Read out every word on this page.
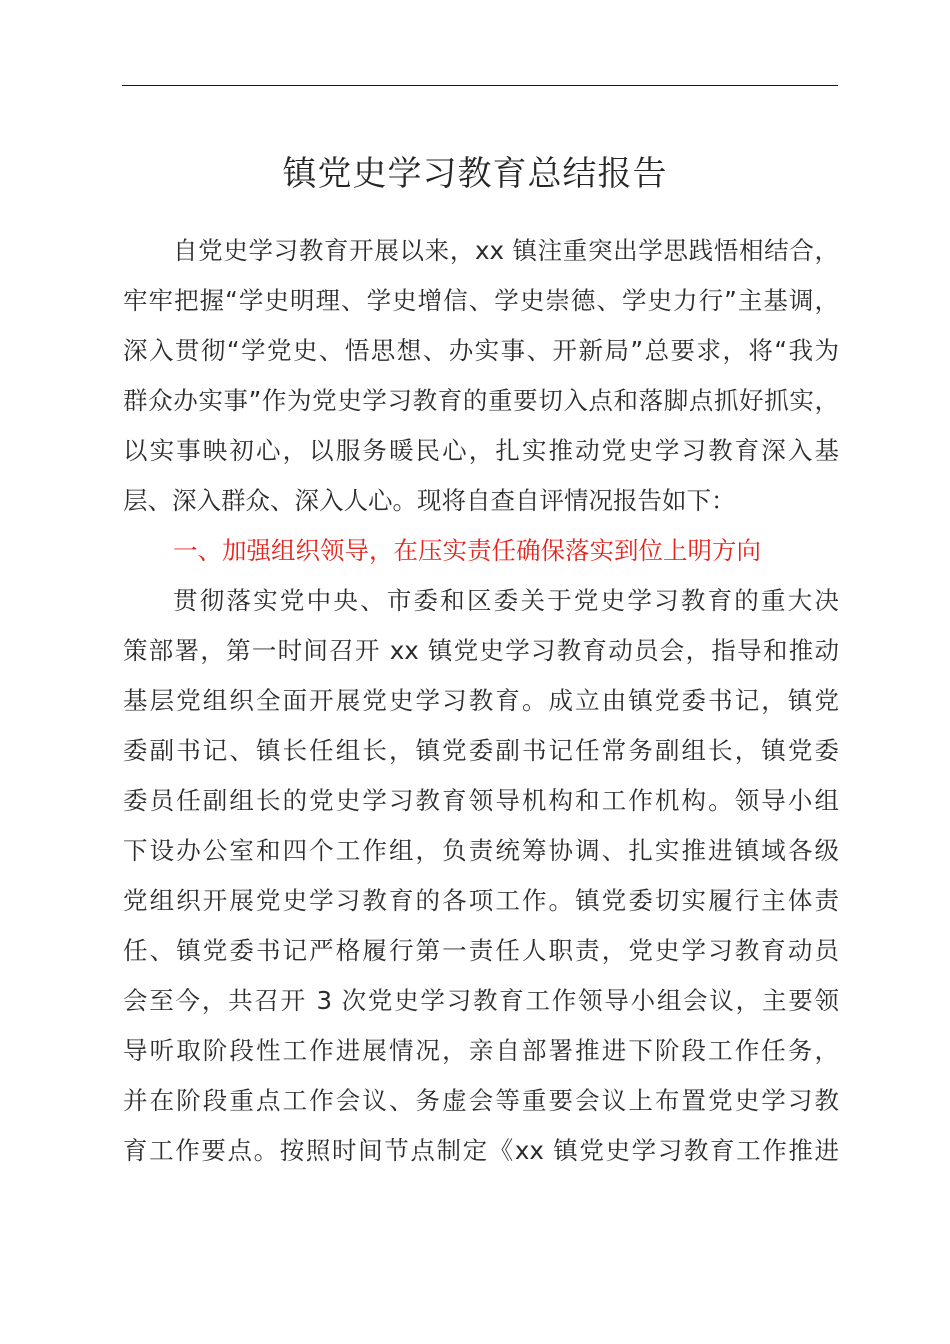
镇党史学习教育总结报告
自党史学习教育开展以来，xx 镇注重突出学思践悟相结合，
牢牢把握“学史明理、学史增信、学史崇德、学史力行”主基调，
深入贯彻“学党史、悟思想、办实事、开新局”总要求，将“我为
群众办实事”作为党史学习教育的重要切入点和落脚点抓好抓实，
以实事映初心，以服务暖民心，扎实推动党史学习教育深入基
层、深入群众、深入人心。现将自查自评情况报告如下：
一、加强组织领导，在压实责任确保落实到位上明方向
贯彻落实党中央、市委和区委关于党史学习教育的重大决
策部署，第一时间召开 xx 镇党史学习教育动员会，指导和推动
基层党组织全面开展党史学习教育。成立由镇党委书记，镇党
委副书记、镇长任组长，镇党委副书记任常务副组长，镇党委
委员任副组长的党史学习教育领导机构和工作机构。领导小组
下设办公室和四个工作组，负责统筹协调、扎实推进镇域各级
党组织开展党史学习教育的各项工作。镇党委切实履行主体责
任、镇党委书记严格履行第一责任人职责，党史学习教育动员
会至今，共召开 3 次党史学习教育工作领导小组会议，主要领
导听取阶段性工作进展情况，亲自部署推进下阶段工作任务，
并在阶段重点工作会议、务虚会等重要会议上布置党史学习教
育工作要点。按照时间节点制定《xx 镇党史学习教育工作推进
